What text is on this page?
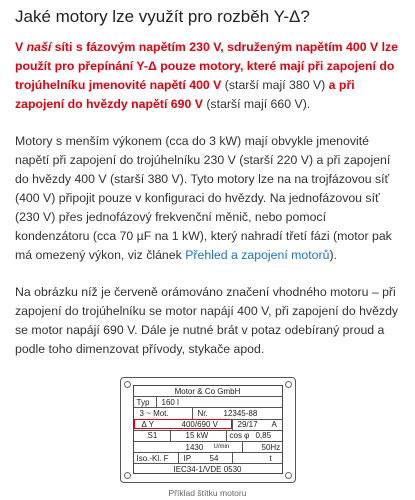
Jaké motory lze využít pro rozběh Y-Δ?

V naší síti s fázovým napětím 230 V, sdruženým napětím 400 V lze použít pro přepínání Y-Δ pouze motory, které mají při zapojení do trojúhelníku jmenovité napětí 400 V (starší mají 380 V) a při zapojení do hvězdy napětí 690 V (starší mají 660 V).

Motory s menším výkonem (cca do 3 kW) mají obvykle jmenovité napětí při zapojení do trojúhelníku 230 V (starší 220 V) a při zapojení do hvězdy 400 V (starší 380 V). Tyto motory lze na na trojfázovou síť (400 V) připojit pouze v konfiguraci do hvězdy. Na jednofázovou síť (230 V) přes jednofázový frekvenční měnič, nebo pomocí kondenzátoru (cca 70 µF na 1 kW), který nahradí třetí fázi (motor pak má omezený výkon, viz článek Přehled a zapojení motorů).

Na obrázku níž je červeně orámováno značení vhodného motoru – při zapojení do trojúhelníku se motor napájí 400 V, při zapojení do hvězdy se motor napájí 690 V. Dále je nutné brát v potaz odebíraný proud a podle toho dimenzovat přívody, stykače apod.

Motor & Co GmbH
Typ 160 l
3 ~ Mot.	Nr. 12345-88
Δ Y	400/690 V 29/17 A
S1	15 kW	cos φ 0,85
1430 U/min	50Hz
Iso.-Kl. F IP 54	t
IEC34-1/VDE 0530
Příklad štítku motoru
